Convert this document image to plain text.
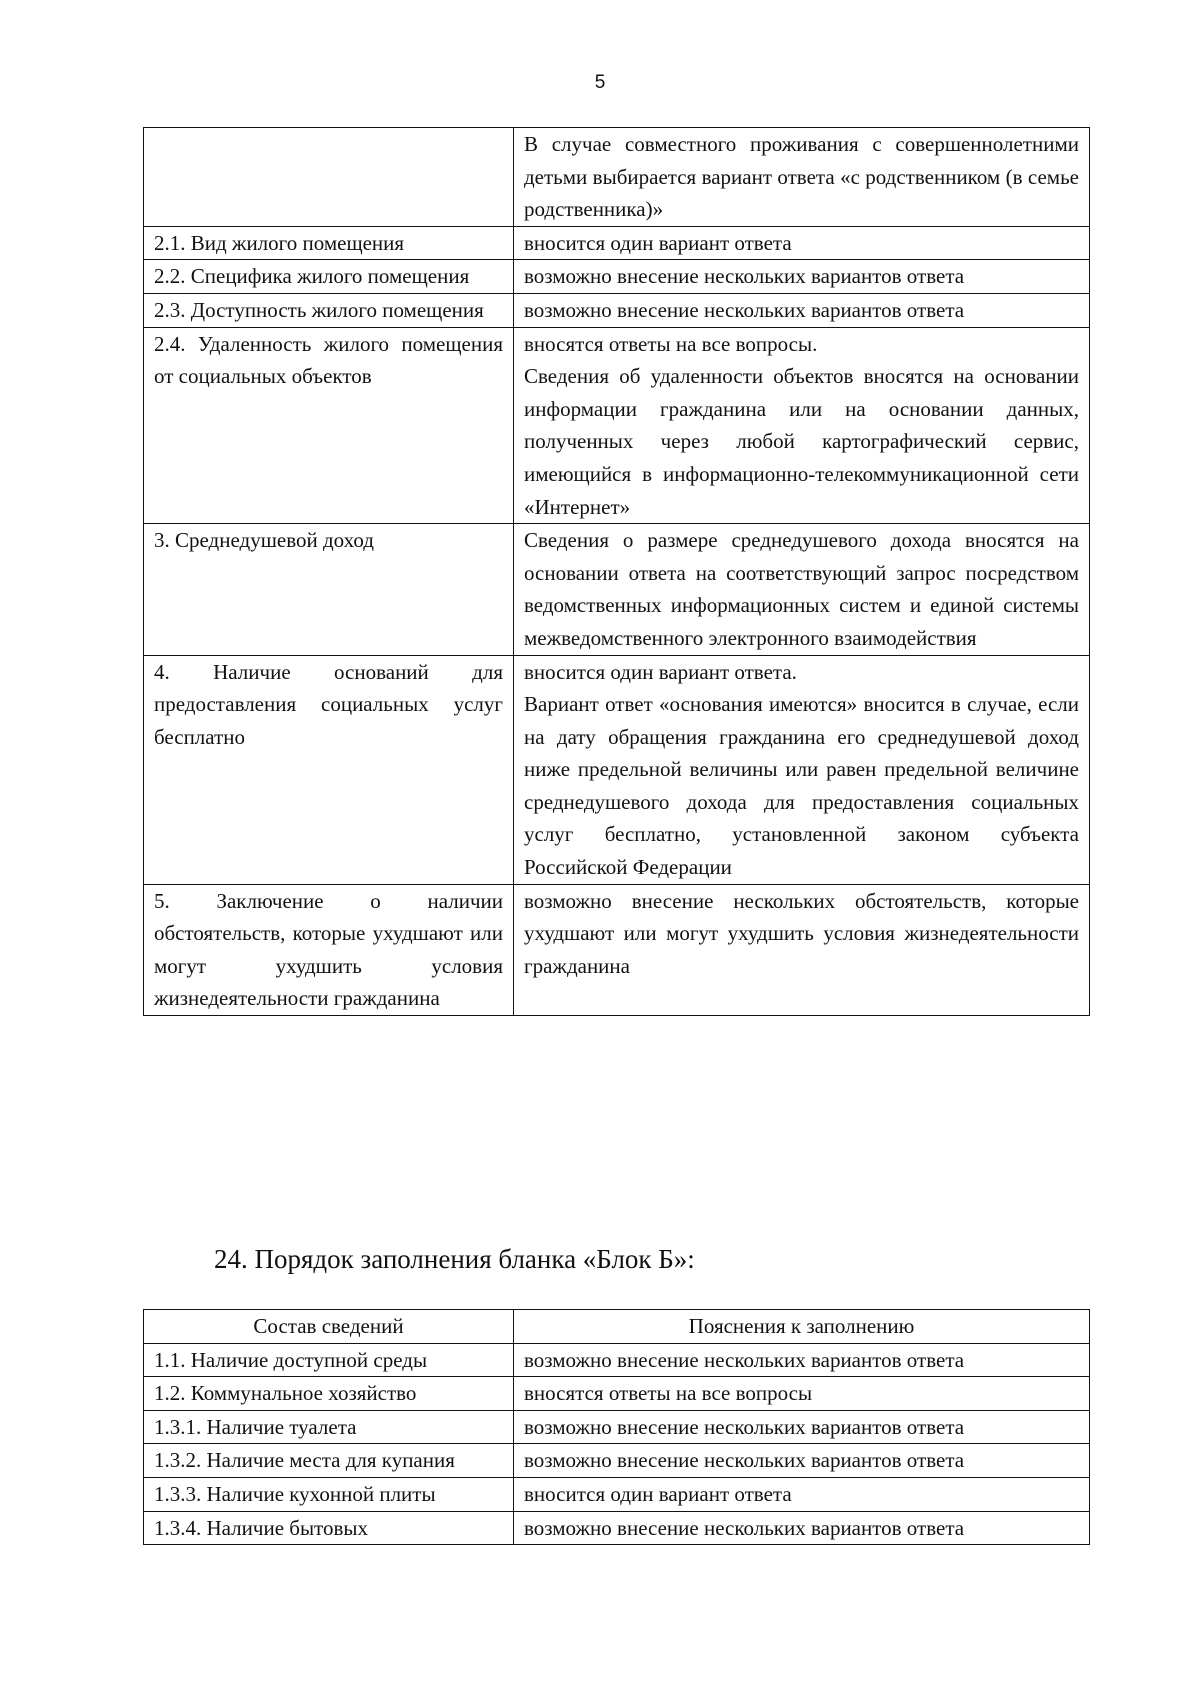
5

	В случае совместного проживания с совершеннолетними детьми выбирается вариант ответа «с родственником (в семье родственника)»

2.1. Вид жилого помещения	вносится один вариант ответа

2.2. Специфика жилого помещения	возможно внесение нескольких вариантов ответа

2.3. Доступность жилого помещения	возможно внесение нескольких вариантов ответа

2.4. Удаленность жилого помещения от социальных объектов	вносятся ответы на все вопросы.
Сведения об удаленности объектов вносятся на основании информации гражданина или на основании данных, полученных через любой картографический сервис, имеющийся в информационно-телекоммуникационной сети «Интернет»

3. Среднедушевой доход	Сведения о размере среднедушевого дохода вносятся на основании ответа на соответствующий запрос посредством ведомственных информационных систем и единой системы межведомственного электронного взаимодействия

4. Наличие оснований для предоставления социальных услуг бесплатно	вносится один вариант ответа.
Вариант ответ «основания имеются» вносится в случае, если на дату обращения гражданина его среднедушевой доход ниже предельной величины или равен предельной величине среднедушевого дохода для предоставления социальных услуг бесплатно, установленной законом субъекта Российской Федерации

5. Заключение о наличии обстоятельств, которые ухудшают или могут ухудшить условия жизнедеятельности гражданина	возможно внесение нескольких обстоятельств, которые ухудшают или могут ухудшить условия жизнедеятельности гражданина
24. Порядок заполнения бланка «Блок Б»:
Состав сведений	Пояснения к заполнению
1.1. Наличие доступной среды	возможно внесение нескольких вариантов ответа
1.2. Коммунальное хозяйство	вносятся ответы на все вопросы
1.3.1. Наличие туалета	возможно внесение нескольких вариантов ответа
1.3.2. Наличие места для купания	возможно внесение нескольких вариантов ответа
1.3.3. Наличие кухонной плиты	вносится один вариант ответа
1.3.4. Наличие бытовых	возможно внесение нескольких вариантов ответа
